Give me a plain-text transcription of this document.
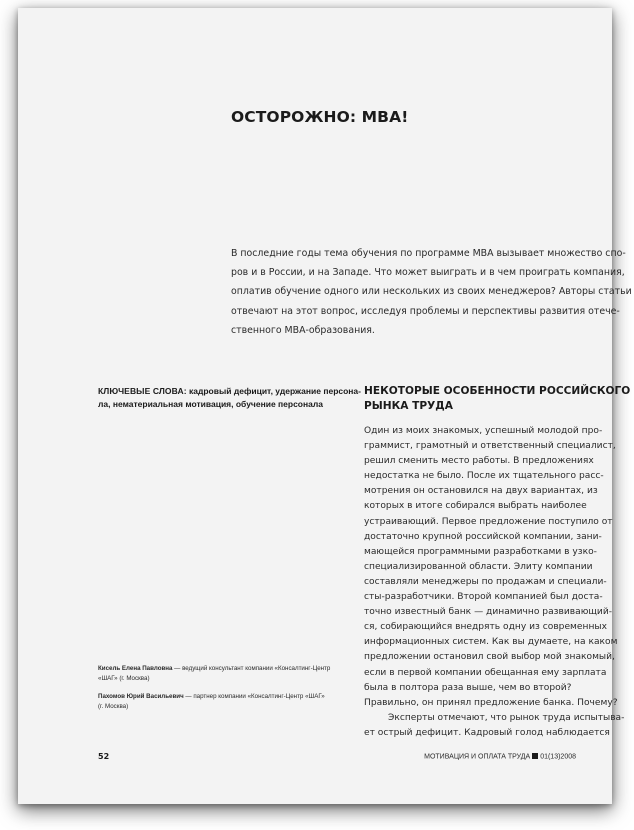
ОСТОРОЖНО: МВА!
В последние годы тема обучения по программе МВА вызывает множество спо-
ров и в России, и на Западе. Что может выиграть и в чем проиграть компания,
оплатив обучение одного или нескольких из своих менеджеров? Авторы статьи
отвечают на этот вопрос, исследуя проблемы и перспективы развития отече-
ственного МВА-образования.
КЛЮЧЕВЫЕ СЛОВА: кадровый дефицит, удержание персона-
ла, нематериальная мотивация, обучение персонала
НЕКОТОРЫЕ ОСОБЕННОСТИ РОССИЙСКОГО
РЫНКА ТРУДА
Один из моих знакомых, успешный молодой про-
граммист, грамотный и ответственный специалист,
решил сменить место работы. В предложениях
недостатка не было. После их тщательного расс-
мотрения он остановился на двух вариантах, из
которых в итоге собирался выбрать наиболее
устраивающий. Первое предложение поступило от
достаточно крупной российской компании, зани-
мающейся программными разработками в узко-
специализированной области. Элиту компании
составляли менеджеры по продажам и специали-
сты-разработчики. Второй компанией был доста-
точно известный банк — динамично развивающий-
ся, собирающийся внедрять одну из современных
информационных систем. Как вы думаете, на каком
предложении остановил свой выбор мой знакомый,
если в первой компании обещанная ему зарплата
была в полтора раза выше, чем во второй?
Правильно, он принял предложение банка. Почему?
Эксперты отмечают, что рынок труда испытыва-
ет острый дефицит. Кадровый голод наблюдается
Кисель Елена Павловна — ведущий консультант компании «Консалтинг-Центр
«ШАГ» (г. Москва)
Пахомов Юрий Васильевич — партнер компании «Консалтинг-Центр «ШАГ»
(г. Москва)
52	МОТИВАЦИЯ И ОПЛАТА ТРУДА 01(13)2008
